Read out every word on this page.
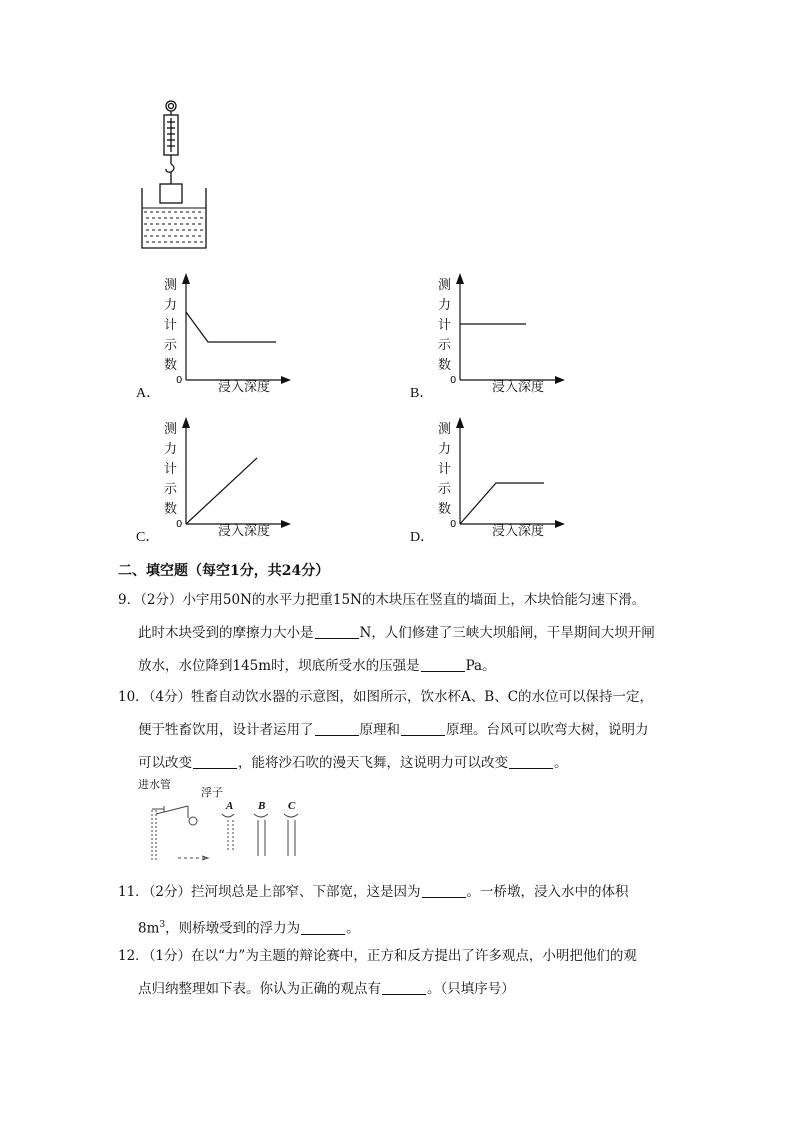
测
力
计
示
数
0	浸入深度
A．
测
力
计
示
数
0	浸入深度
B．
测
力
计
示
数
0	浸入深度
C．
测
力
计
示
数
0	浸入深度
D．
二、填空题（每空1分，共24分）
9．（2分）小宇用50N的水平力把重15N的木块压在竖直的墙面上，木块恰能匀速下滑。
此时木块受到的摩擦力大小是	N，人们修建了三峡大坝船闸，干旱期间大坝开闸
放水，水位降到145m时，坝底所受水的压强是	Pa。
10．（4分）牲畜自动饮水器的示意图，如图所示，饮水杯A、B、C的水位可以保持一定，
便于牲畜饮用，设计者运用了	原理和	原理。台风可以吹弯大树，说明力
可以改变	，能将沙石吹的漫天飞舞，这说明力可以改变	。
进水管
浮子
A B C
11．（2分）拦河坝总是上部窄、下部宽，这是因为	。一桥墩，浸入水中的体积
$8m^3$，则桥墩受到的浮力为	。
12．（1分）在以“力”为主题的辩论赛中，正方和反方提出了许多观点，小明把他们的观
点归纳整理如下表。你认为正确的观点有	。（只填序号）
